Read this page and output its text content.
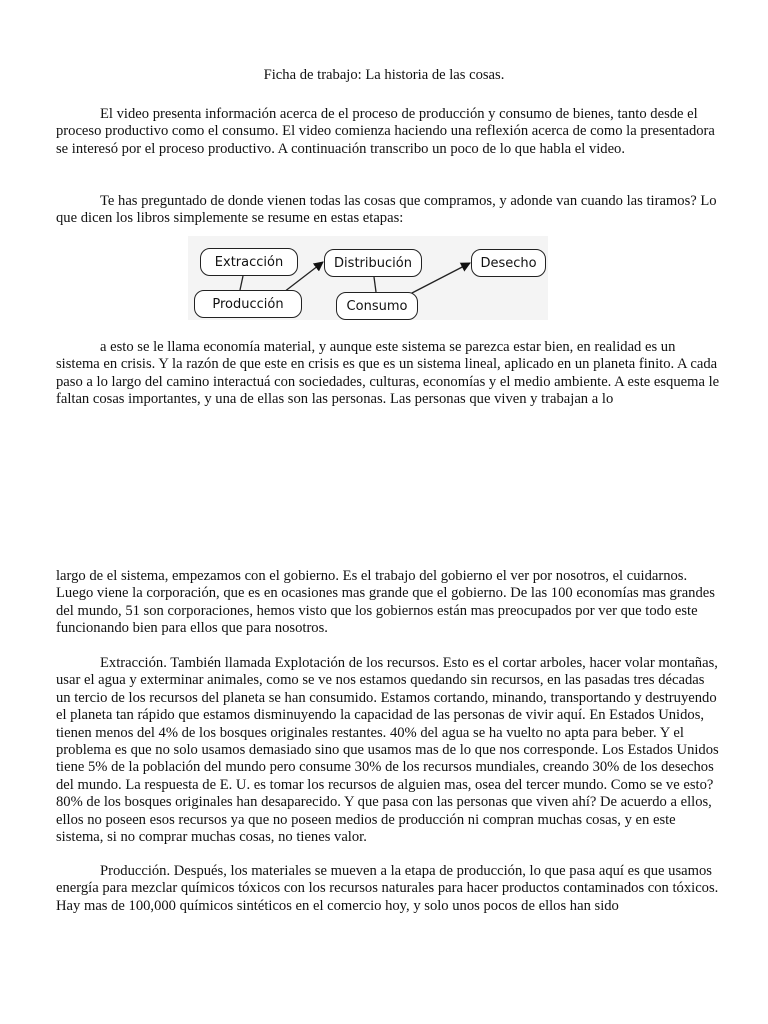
Ficha de trabajo: La historia de las cosas.

El video presenta información acerca de el proceso de producción y consumo de bienes, tanto desde el proceso productivo como el consumo. El video comienza haciendo una reflexión acerca de como la presentadora se interesó por el proceso productivo. A continuación transcribo un poco de lo que habla el video.

Te has preguntado de donde vienen todas las cosas que compramos, y adonde van cuando las tiramos? Lo que dicen los libros simplemente se resume en estas etapas:

Extracción
Producción
Distribución
Consumo
Desecho

a esto se le llama economía material, y aunque este sistema se parezca estar bien, en realidad es un sistema en crisis. Y la razón de que este en crisis es que es un sistema lineal, aplicado en un planeta finito. A cada paso a lo largo del camino interactuá con sociedades, culturas, economías y el medio ambiente. A este esquema le faltan cosas importantes, y una de ellas son las personas. Las personas que viven y trabajan a lo

largo de el sistema, empezamos con el gobierno. Es el trabajo del gobierno el ver por nosotros, el cuidarnos. Luego viene la corporación, que es en ocasiones mas grande que el gobierno. De las 100 economías mas grandes del mundo, 51 son corporaciones, hemos visto que los gobiernos están mas preocupados por ver que todo este funcionando bien para ellos que para nosotros.

Extracción. También llamada Explotación de los recursos. Esto es el cortar arboles, hacer volar montañas, usar el agua y exterminar animales, como se ve nos estamos quedando sin recursos, en las pasadas tres décadas un tercio de los recursos del planeta se han consumido. Estamos cortando, minando, transportando y destruyendo el planeta tan rápido que estamos disminuyendo la capacidad de las personas de vivir aquí. En Estados Unidos, tienen menos del 4% de los bosques originales restantes. 40% del agua se ha vuelto no apta para beber. Y el problema es que no solo usamos demasiado sino que usamos mas de lo que nos corresponde. Los Estados Unidos tiene 5% de la población del mundo pero consume 30% de los recursos mundiales, creando 30% de los desechos del mundo. La respuesta de E. U. es tomar los recursos de alguien mas, osea del tercer mundo. Como se ve esto? 80% de los bosques originales han desaparecido. Y que pasa con las personas que viven ahí? De acuerdo a ellos, ellos no poseen esos recursos ya que no poseen medios de producción ni compran muchas cosas, y en este sistema, si no comprar muchas cosas, no tienes valor.

Producción. Después, los materiales se mueven a la etapa de producción, lo que pasa aquí es que usamos energía para mezclar químicos tóxicos con los recursos naturales para hacer productos contaminados con tóxicos. Hay mas de 100,000 químicos sintéticos en el comercio hoy, y solo unos pocos de ellos han sido
